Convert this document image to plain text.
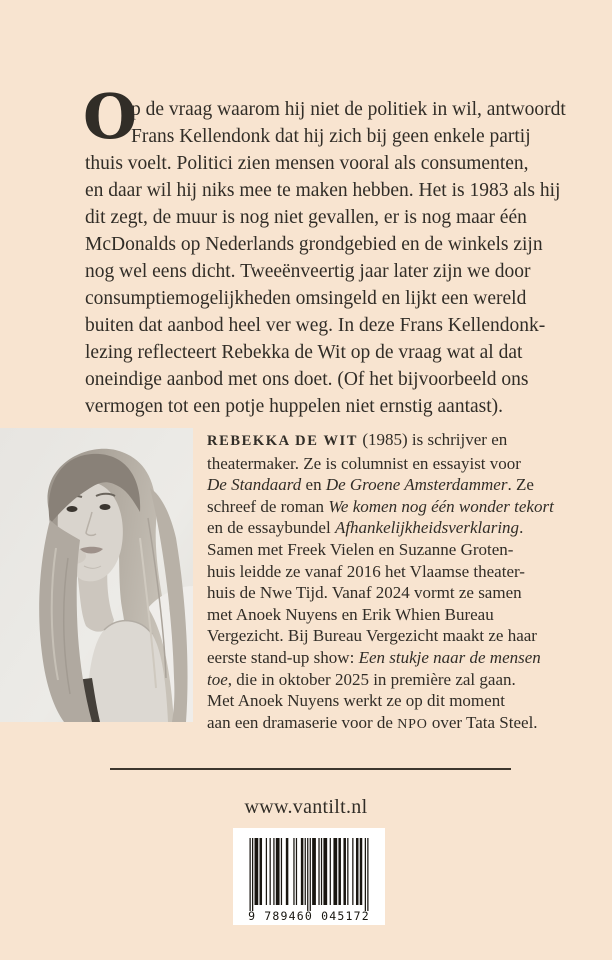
O
p de vraag waarom hij niet de politiek in wil, antwoordt
Frans Kellendonk dat hij zich bij geen enkele partij
thuis voelt. Politici zien mensen vooral als consumenten,
en daar wil hij niks mee te maken hebben. Het is 1983 als hij
dit zegt, de muur is nog niet gevallen, er is nog maar één
McDonalds op Nederlands grondgebied en de winkels zijn
nog wel eens dicht. Tweeënveertig jaar later zijn we door
consumptiemogelijkheden omsingeld en lijkt een wereld
buiten dat aanbod heel ver weg. In deze Frans Kellendonk-
lezing reflecteert Rebekka de Wit op de vraag wat al dat
oneindige aanbod met ons doet. (Of het bijvoorbeeld ons
vermogen tot een potje huppelen niet ernstig aantast).
REBEKKA DE WIT (1985) is schrijver en
theatermaker. Ze is columnist en essayist voor
De Standaard en De Groene Amsterdammer. Ze
schreef de roman We komen nog één wonder tekort
en de essaybundel Afhankelijkheidsverklaring.
Samen met Freek Vielen en Suzanne Groten-
huis leidde ze vanaf 2016 het Vlaamse theater-
huis de Nwe Tijd. Vanaf 2024 vormt ze samen
met Anoek Nuyens en Erik Whien Bureau
Vergezicht. Bij Bureau Vergezicht maakt ze haar
eerste stand-up show: Een stukje naar de mensen
toe, die in oktober 2025 in première zal gaan.
Met Anoek Nuyens werkt ze op dit moment
aan een dramaserie voor de NPO over Tata Steel.
www.vantilt.nl
9 789460 045172
